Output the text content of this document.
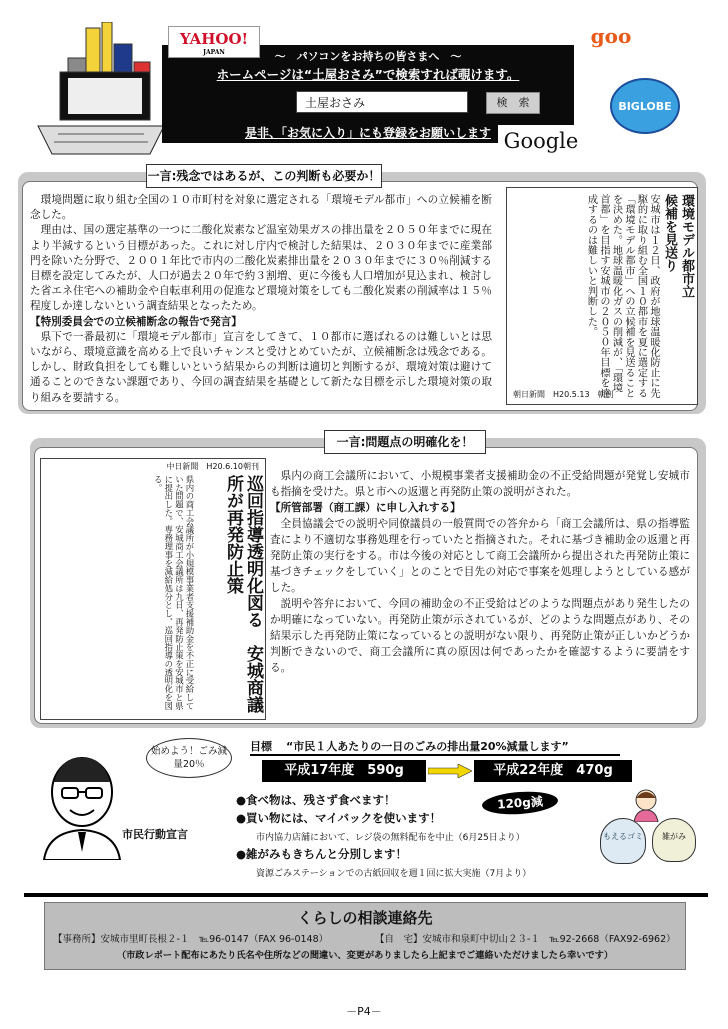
～　パソコンをお持ちの皆さまへ　～
ホームページは“土屋おさみ”で検索すれば覗けます。
是非、「お気に入り」にも登録をお願いします
土屋おさみ	検　索
YAHOO!
JAPAN
goo
BIGLOBE
Google
一言:残念ではあるが、この判断も必要か！

環境問題に取り組む全国の１０市町村を対象に選定される「環境モデル都市」への立候補を断念した。

理由は、国の選定基準の一つに二酸化炭素など温室効果ガスの排出量を２０５０年までに現在より半減するという目標があった。これに対し庁内で検討した結果は、２０３０年までに産業部門を除いた分野で、２００１年比で市内の二酸化炭素排出量を２０３０年までに３０％削減する目標を設定してみたが、人口が過去２０年で約３割増、更に今後も人口増加が見込まれ、検討した省エネ住宅への補助金や自転車利用の促進など環境対策をしても二酸化炭素の削減率は１５％程度しか達しないという調査結果となったため。

【特別委員会での立候補断念の報告で発言】

県下で一番最初に「環境モデル都市」宣言をしてきて、１０都市に選ばれるのは難しいとは思いながら、環境意識を高める上で良いチャンスと受けとめていたが、立候補断念は残念である。しかし、財政負担をしても難しいという結果からの判断は適切と判断するが、環境対策は避けて通ることのできない課題であり、今回の調査結果を基礎として新たな目標を示した環境対策の取り組みを要請する。

環境モデル都市立候補を見送り
安城市は１２日、政府が地球温暖化防止に先駆的に取り組む全国１０都市を夏に選定する「環境モデル都市」への立候補を見送ることを決めた。地球温暖化ガスの削減が、「環境首都」を目指す安城市の２０５０年目標を達成するのは難しいと判断した。
朝日新聞　H20.5.13　朝刊
一言:問題点の明確化を！
中日新聞　H20.6.10朝刊
巡回指導透明化図る　安城商議所が再発防止策
県内の商工会議所が小規模事業者支援補助金を不正に受給していた問題で、安城商工会議所は九日、再発防止策を安城市と県に提出した。専務理事を減給処分とし、巡回指導の透明化を図る。	県内の商工会議所において、小規模事業者支援補助金の不正受給問題が発覚し安城市も指摘を受けた。県と市への返還と再発防止策の説明がされた。

【所管部署（商工課）に申し入れする】

全員協議会での説明や同僚議員の一般質問での答弁から「商工会議所は、県の指導監査により不適切な事務処理を行っていたと指摘された。それに基づき補助金の返還と再発防止策の実行をする。市は今後の対応として商工会議所から提出された再発防止策に基づきチェックをしていく」とのことで目先の対応で事案を処理しようとしている感がした。

説明や答弁において、今回の補助金の不正受給はどのような問題点があり発生したのか明確になっていない。再発防止策が示されているが、どのような問題点があり、その結果示した再発防止策になっているとの説明がない限り、再発防止策が正しいかどうか判断できないので、商工会議所に真の原因は何であったかを確認するように要請をする。

始めよう！ごみ減量20％
目標 “市民１人あたりの一日のごみの排出量20%減量します”
平成17年度　590g	平成22年度　470g
120g減
市民行動宣言
●食べ物は、残さず食べます！
●買い物には、マイバックを使います！
市内協力店舗において、レジ袋の無料配布を中止（6月25日より）
●雑がみもきちんと分別します！
資源ごみステーションでの古紙回収を週１回に拡大実施（7月より）
もえるゴミ	雑がみ
くらしの相談連絡先
【事務所】安城市里町長根２-１　℡96-0147（FAX 96-0148）	【自　宅】安城市和泉町中切山２３-１　℡92-2668（FAX92-6962）
（市政レポート配布にあたり氏名や住所などの間違い、変更がありましたら上記までご連絡いただけましたら幸いです）
－P4－
